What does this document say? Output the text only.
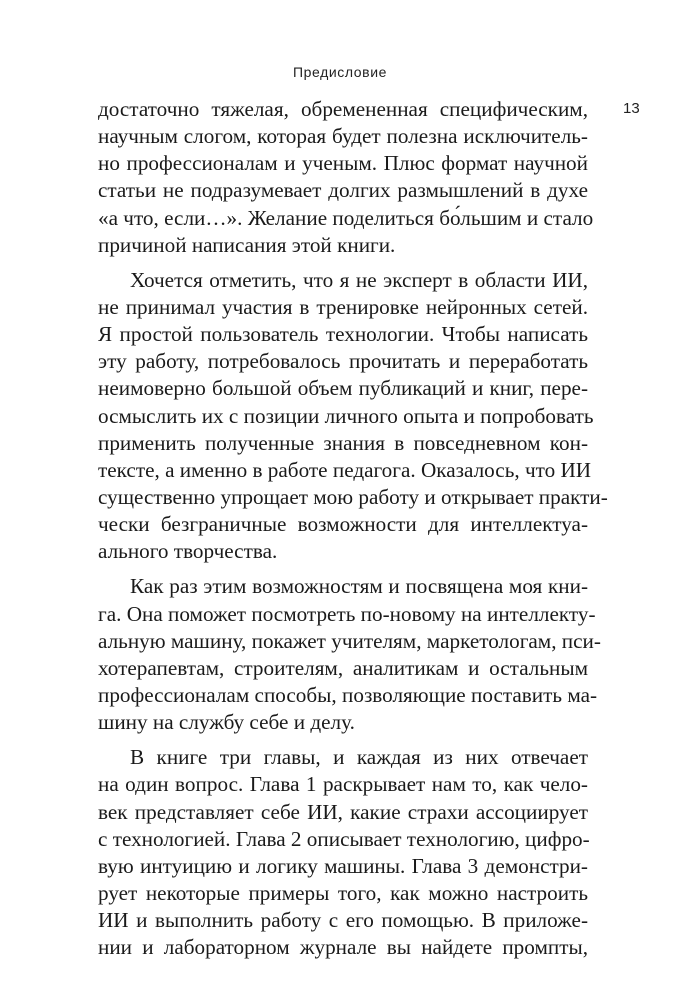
Предисловие
13
достаточно тяжелая, обремененная специфическим,
научным слогом, которая будет полезна исключитель-
но профессионалам и ученым. Плюс формат научной
статьи не подразумевает долгих размышлений в духе
«а что, если…». Желание поделиться бо́льшим и стало
причиной написания этой книги.
Хочется отметить, что я не эксперт в области ИИ,
не принимал участия в тренировке нейронных сетей.
Я простой пользователь технологии. Чтобы написать
эту работу, потребовалось прочитать и переработать
неимоверно большой объем публикаций и книг, пере-
осмыслить их с позиции личного опыта и попробовать
применить полученные знания в повседневном кон-
тексте, а именно в работе педагога. Оказалось, что ИИ
существенно упрощает мою работу и открывает практи-
чески безграничные возможности для интеллектуа-
ального творчества.
Как раз этим возможностям и посвящена моя кни-
га. Она поможет посмотреть по-новому на интеллекту-
альную машину, покажет учителям, маркетологам, пси-
хотерапевтам, строителям, аналитикам и остальным
профессионалам способы, позволяющие поставить ма-
шину на службу себе и делу.
В книге три главы, и каждая из них отвечает
на один вопрос. Глава 1 раскрывает нам то, как чело-
век представляет себе ИИ, какие страхи ассоциирует
с технологией. Глава 2 описывает технологию, цифро-
вую интуицию и логику машины. Глава 3 демонстри-
рует некоторые примеры того, как можно настроить
ИИ и выполнить работу с его помощью. В приложе-
нии и лабораторном журнале вы найдете промпты,
